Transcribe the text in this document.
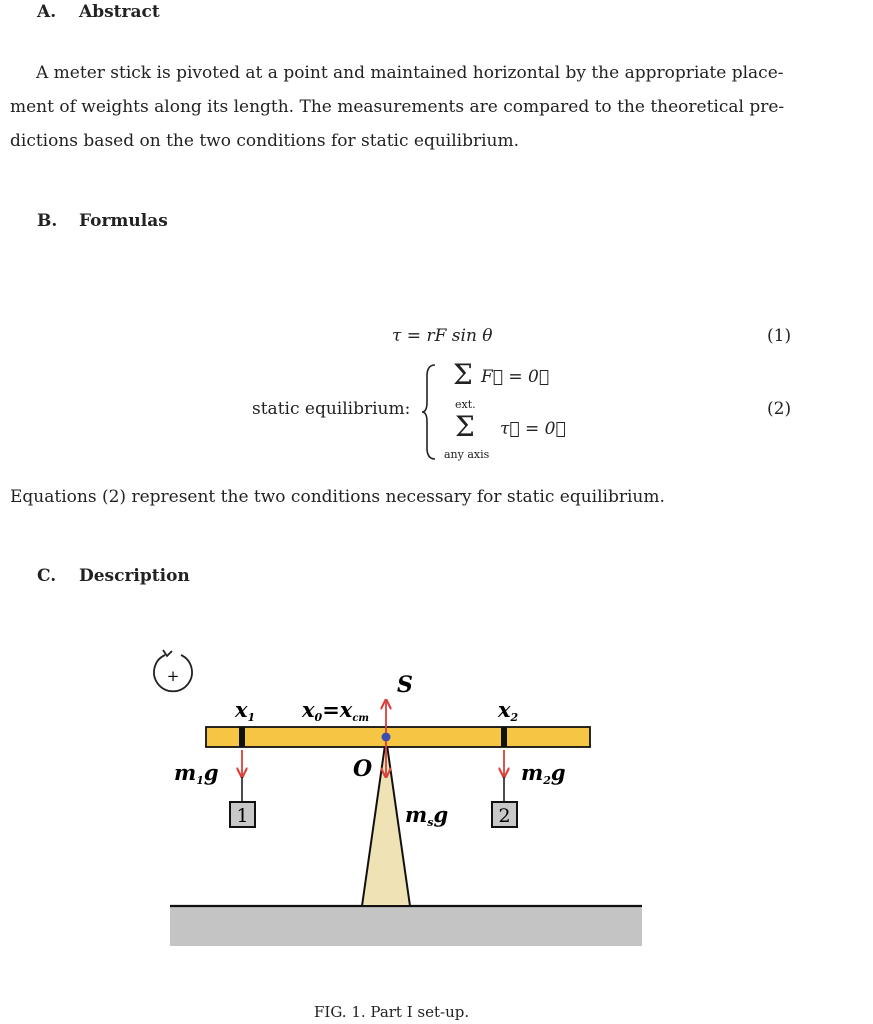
A. Abstract
A meter stick is pivoted at a point and maintained horizontal by the appropriate place-
ment of weights along its length. The measurements are compared to the theoretical pre-
dictions based on the two conditions for static equilibrium.
B. Formulas
τ = rF sin θ	(1)
static equilibrium:
Σ F⃗ = 0⃗
ext.
Σ τ⃗ = 0⃗
any axis
(2)
Equations (2) represent the two conditions necessary for static equilibrium.
C. Description
+
1	2
x1 x0=xcm	x2
S
O
m1g	m2g
msg
FIG. 1. Part I set-up.
